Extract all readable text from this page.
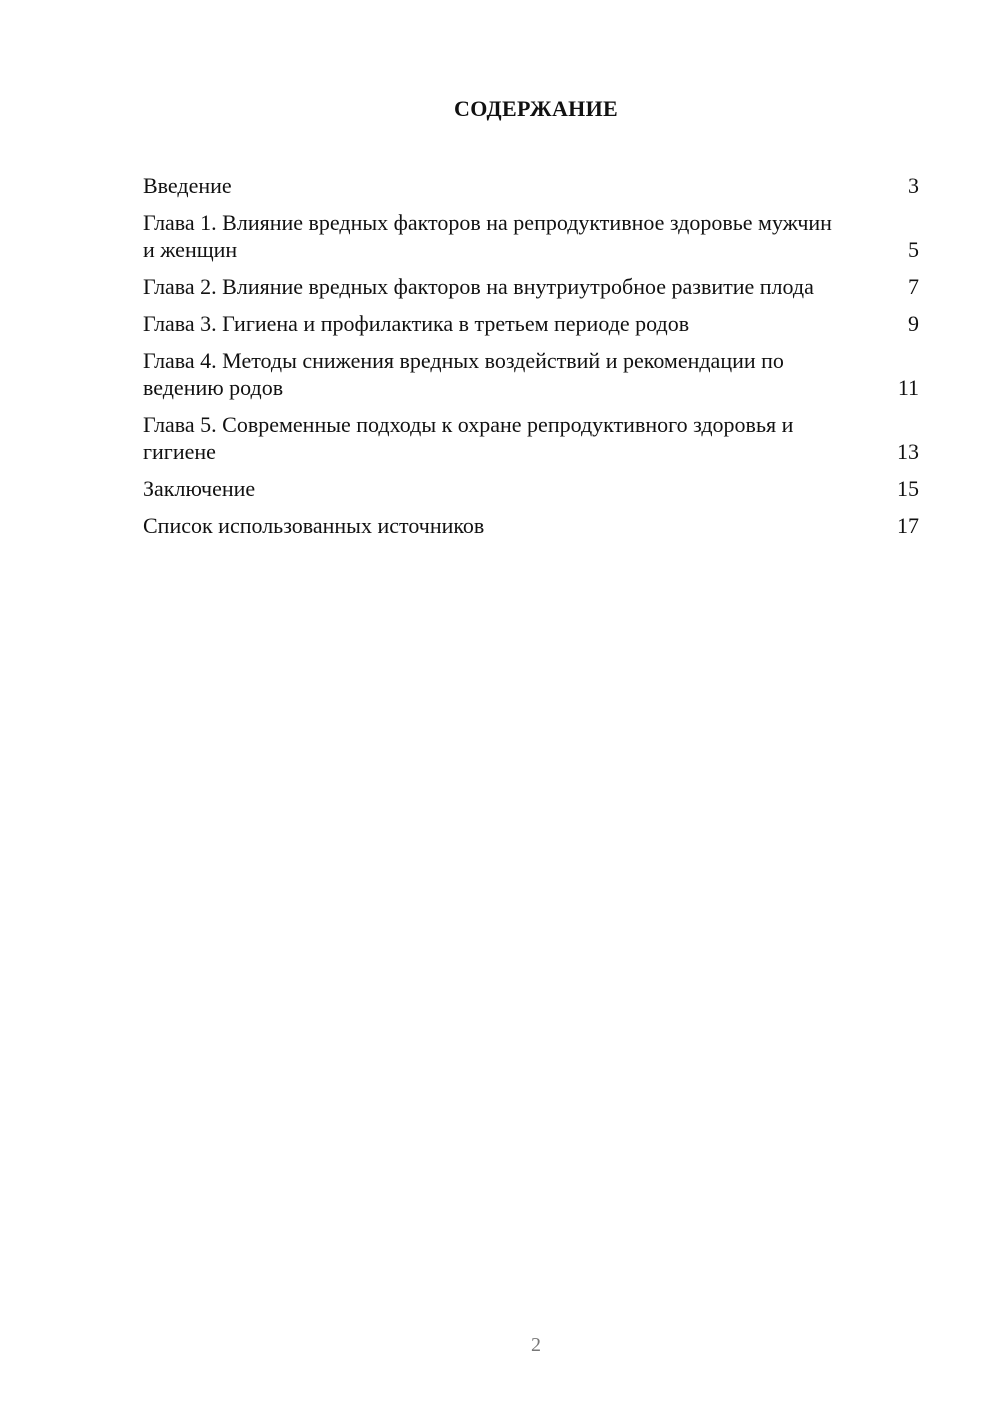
СОДЕРЖАНИЕ
Введение	3
Глава 1. Влияние вредных факторов на репродуктивное здоровье мужчин и женщин	5
Глава 2. Влияние вредных факторов на внутриутробное развитие плода	7
Глава 3. Гигиена и профилактика в третьем периоде родов	9
Глава 4. Методы снижения вредных воздействий и рекомендации по ведению родов	11
Глава 5. Современные подходы к охране репродуктивного здоровья и гигиене	13
Заключение	15
Список использованных источников	17
2
